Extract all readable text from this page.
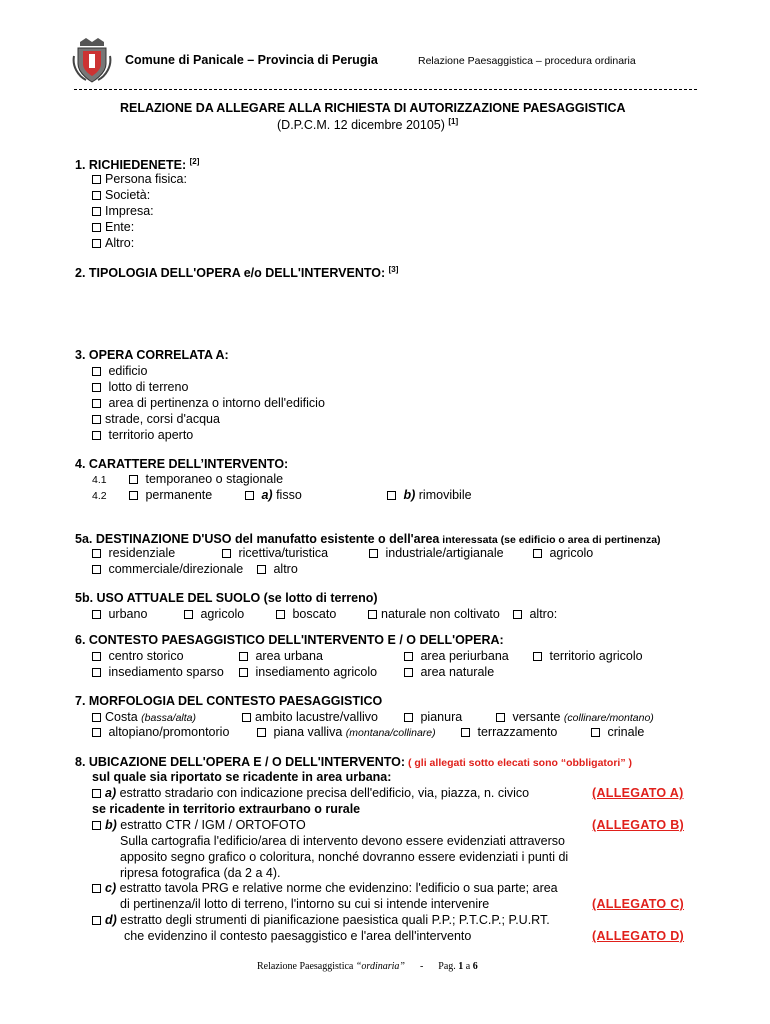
Comune di Panicale – Provincia di Perugia	Relazione Paesaggistica – procedura ordinaria
RELAZIONE DA ALLEGARE ALLA RICHIESTA DI AUTORIZZAZIONE PAESAGGISTICA
(D.P.C.M. 12 dicembre 20105) [1]
1. RICHIEDENETE: [2]
Persona fisica:
Società:
Impresa:
Ente:
Altro:
2. TIPOLOGIA DELL'OPERA e/o DELL'INTERVENTO: [3]
3. OPERA CORRELATA A:
edificio
lotto di terreno
area di pertinenza o intorno dell'edificio
strade, corsi d'acqua
territorio aperto
4. CARATTERE DELL’INTERVENTO:
4.1	temporaneo o stagionale
4.2	permanente	a) fisso	b) rimovibile
5a. DESTINAZIONE D'USO del manufatto esistente o dell'area interessata (se edificio o area di pertinenza)
residenziale	ricettiva/turistica	industriale/artigianale	agricolo
commerciale/direzionale	altro
5b. USO ATTUALE DEL SUOLO (se lotto di terreno)
urbano	agricolo	boscato	naturale non coltivato	altro:
6. CONTESTO PAESAGGISTICO DELL'INTERVENTO E / O DELL'OPERA:
centro storico	area urbana	area periurbana	territorio agricolo
insediamento sparso	insediamento agricolo	area naturale
7. MORFOLOGIA DEL CONTESTO PAESAGGISTICO
Costa (bassa/alta)	ambito lacustre/vallivo	pianura	versante (collinare/montano)
altopiano/promontorio	piana valliva (montana/collinare)	terrazzamento	crinale
8. UBICAZIONE DELL'OPERA E / O DELL'INTERVENTO: ( gli allegati sotto elecati sono “obbligatori” )
sul quale sia riportato se ricadente in area urbana:
a) estratto stradario con indicazione precisa dell'edificio, via, piazza, n. civico	(ALLEGATO A)
se ricadente in territorio extraurbano o rurale
b) estratto CTR / IGM / ORTOFOTO	(ALLEGATO B)
Sulla cartografia l'edificio/area di intervento devono essere evidenziati attraverso
apposito segno grafico o coloritura, nonché dovranno essere evidenziati i punti di
ripresa fotografica (da 2 a 4).
c) estratto tavola PRG e relative norme che evidenzino: l'edificio o sua parte; area
di pertinenza/il lotto di terreno, l'intorno su cui si intende intervenire	(ALLEGATO C)
d) estratto degli strumenti di pianificazione paesistica quali P.P.; P.T.C.P.; P.U.RT.
che evidenzino il contesto paesaggistico e l'area dell'intervento	(ALLEGATO D)
Relazione Paesaggistica “ordinaria” - Pag. 1 a 6
